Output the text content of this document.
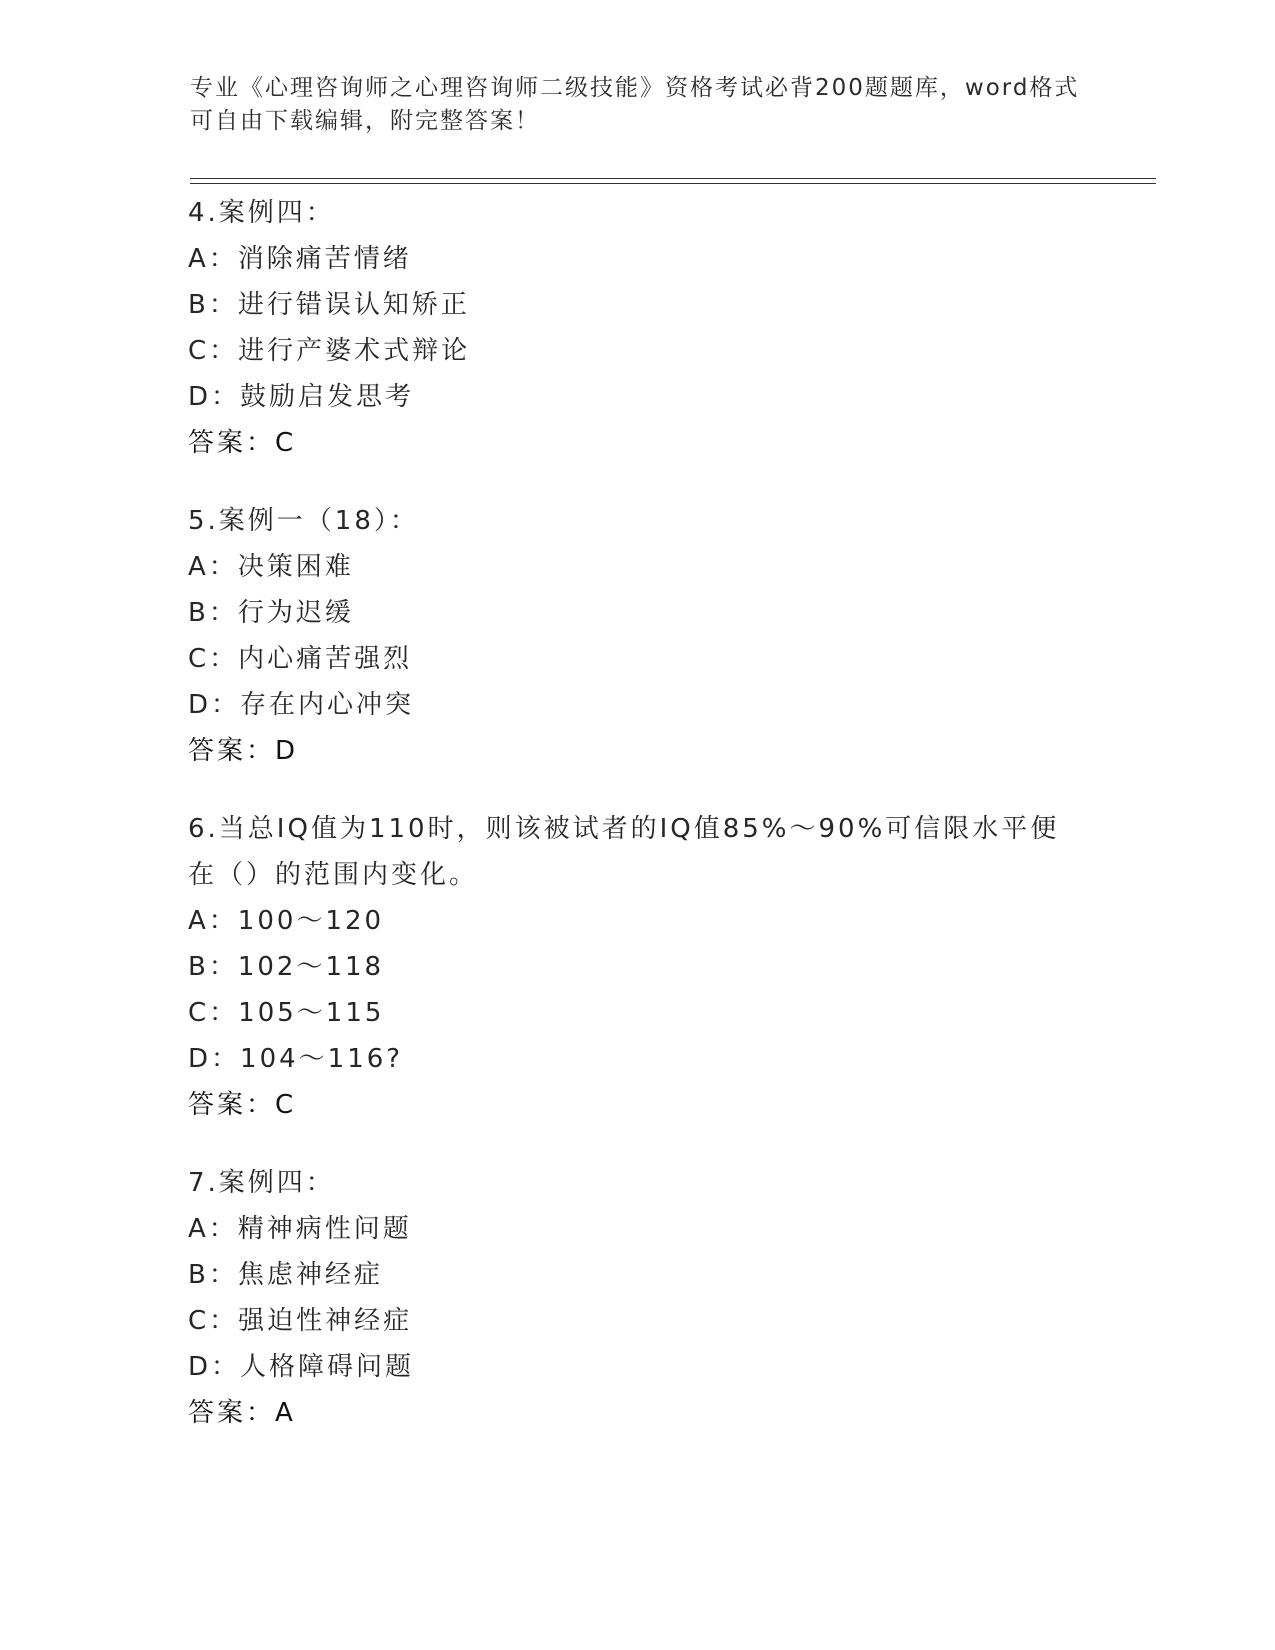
专业《心理咨询师之心理咨询师二级技能》资格考试必背200题题库，word格式
可自由下载编辑，附完整答案！
4.案例四：
A：消除痛苦情绪
B：进行错误认知矫正
C：进行产婆术式辩论
D：鼓励启发思考
答案：C
5.案例一（18）：
A：决策困难
B：行为迟缓
C：内心痛苦强烈
D：存在内心冲突
答案：D
6.当总IQ值为110时，则该被试者的IQ值85%～90%可信限水平便
在（）的范围内变化。
A：100～120
B：102～118
C：105～115
D：104～116?
答案：C
7.案例四：
A：精神病性问题
B：焦虑神经症
C：强迫性神经症
D：人格障碍问题
答案：A
